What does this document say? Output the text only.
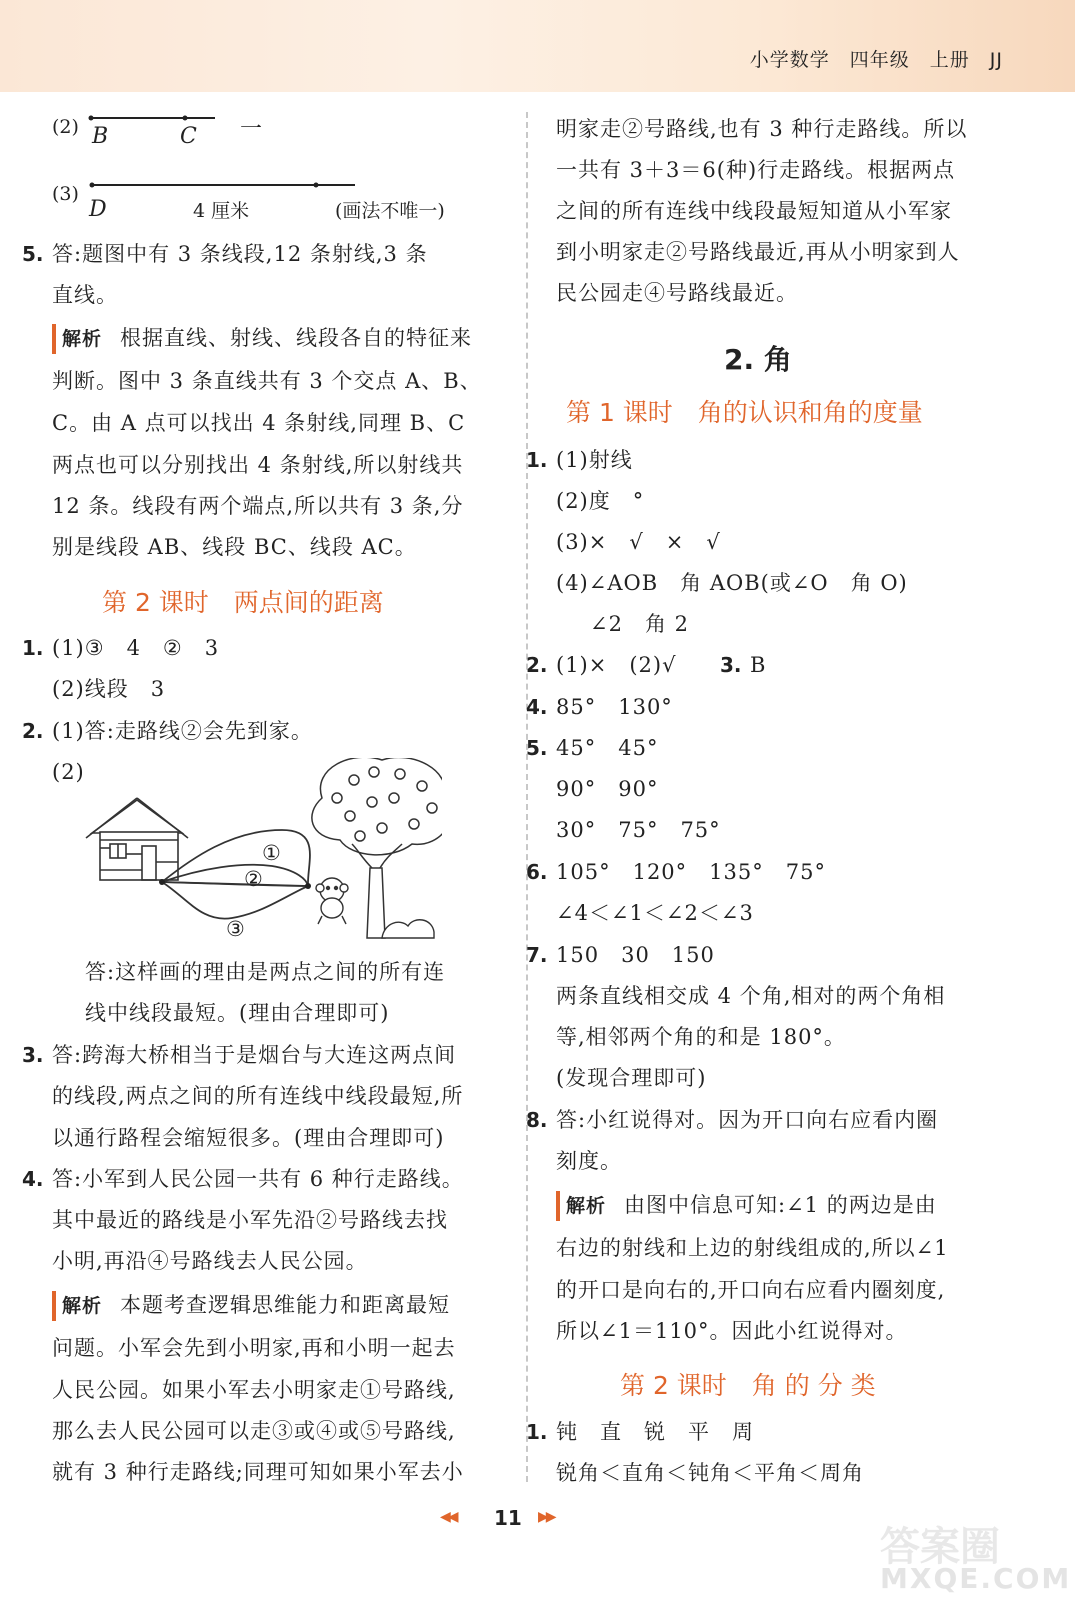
小学数学 四年级 上册 JJ
(2) B	C 一
(3)
D	4 厘米	(画法不唯一)
5. 答:题图中有 3 条线段,12 条射线,3 条
直线。
解析 根据直线、射线、线段各自的特征来
判断。图中 3 条直线共有 3 个交点 A、B、
C。由 A 点可以找出 4 条射线,同理 B、C
两点也可以分别找出 4 条射线,所以射线共
12 条。线段有两个端点,所以共有 3 条,分
别是线段 AB、线段 BC、线段 AC。
第 2 课时　两点间的距离
1. (1)③　4　②　3
(2)线段　3
2. (1)答:走路线②会先到家。
(2)
①
②
③
答:这样画的理由是两点之间的所有连
线中线段最短。(理由合理即可)
3. 答:跨海大桥相当于是烟台与大连这两点间
的线段,两点之间的所有连线中线段最短,所
以通行路程会缩短很多。(理由合理即可)
4. 答:小军到人民公园一共有 6 种行走路线。
其中最近的路线是小军先沿②号路线去找
小明,再沿④号路线去人民公园。
解析 本题考查逻辑思维能力和距离最短
问题。小军会先到小明家,再和小明一起去
人民公园。如果小军去小明家走①号路线,
那么去人民公园可以走③或④或⑤号路线,
就有 3 种行走路线;同理可知如果小军去小
明家走②号路线,也有 3 种行走路线。所以
一共有 3＋3＝6(种)行走路线。根据两点
之间的所有连线中线段最短知道从小军家
到小明家走②号路线最近,再从小明家到人
民公园走④号路线最近。
2. 角
第 1 课时　角的认识和角的度量
1. (1)射线
(2)度　°
(3)×　√　×　√
(4)∠AOB　角 AOB(或∠O　角 O)
∠2　角 2
2. (1)×　(2)√ 3. B
4. 85°　130°
5. 45°　45°
90°　90°
30°　75°　75°
6. 105°　120°　135°　75°
∠4＜∠1＜∠2＜∠3
7. 150　30　150
两条直线相交成 4 个角,相对的两个角相
等,相邻两个角的和是 180°。
(发现合理即可)
8. 答:小红说得对。因为开口向右应看内圈
刻度。
解析 由图中信息可知:∠1 的两边是由
右边的射线和上边的射线组成的,所以∠1
的开口是向右的,开口向右应看内圈刻度,
所以∠1＝110°。因此小红说得对。
第 2 课时　角 的 分 类
1. 钝　直　锐　平　周
锐角＜直角＜钝角＜平角＜周角
◀◀ 11 ▶▶
答案圈
MXQE.COM
